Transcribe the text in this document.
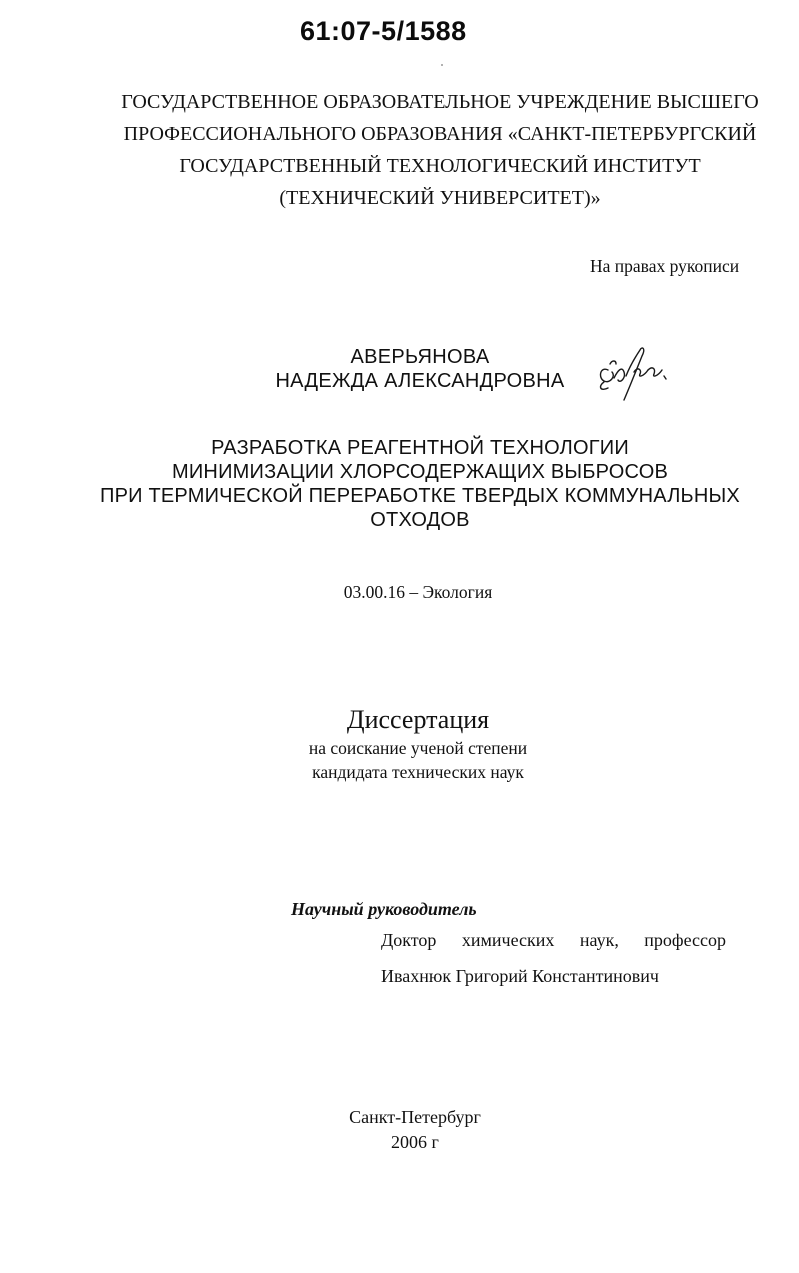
61:07-5/1588
ГОСУДАРСТВЕННОЕ ОБРАЗОВАТЕЛЬНОЕ УЧРЕЖДЕНИЕ ВЫСШЕГО
ПРОФЕССИОНАЛЬНОГО ОБРАЗОВАНИЯ «САНКТ-ПЕТЕРБУРГСКИЙ
ГОСУДАРСТВЕННЫЙ ТЕХНОЛОГИЧЕСКИЙ ИНСТИТУТ
(ТЕХНИЧЕСКИЙ УНИВЕРСИТЕТ)»
На правах рукописи
АВЕРЬЯНОВА
НАДЕЖДА АЛЕКСАНДРОВНА
РАЗРАБОТКА РЕАГЕНТНОЙ ТЕХНОЛОГИИ
МИНИМИЗАЦИИ ХЛОРСОДЕРЖАЩИХ ВЫБРОСОВ
ПРИ ТЕРМИЧЕСКОЙ ПЕРЕРАБОТКЕ ТВЕРДЫХ КОММУНАЛЬНЫХ
ОТХОДОВ
03.00.16 – Экология
Диссертация
на соискание ученой степени
кандидата технических наук
Научный руководитель
Доктор химических наук, профессор
Ивахнюк Григорий Константинович
Санкт-Петербург
2006 г
